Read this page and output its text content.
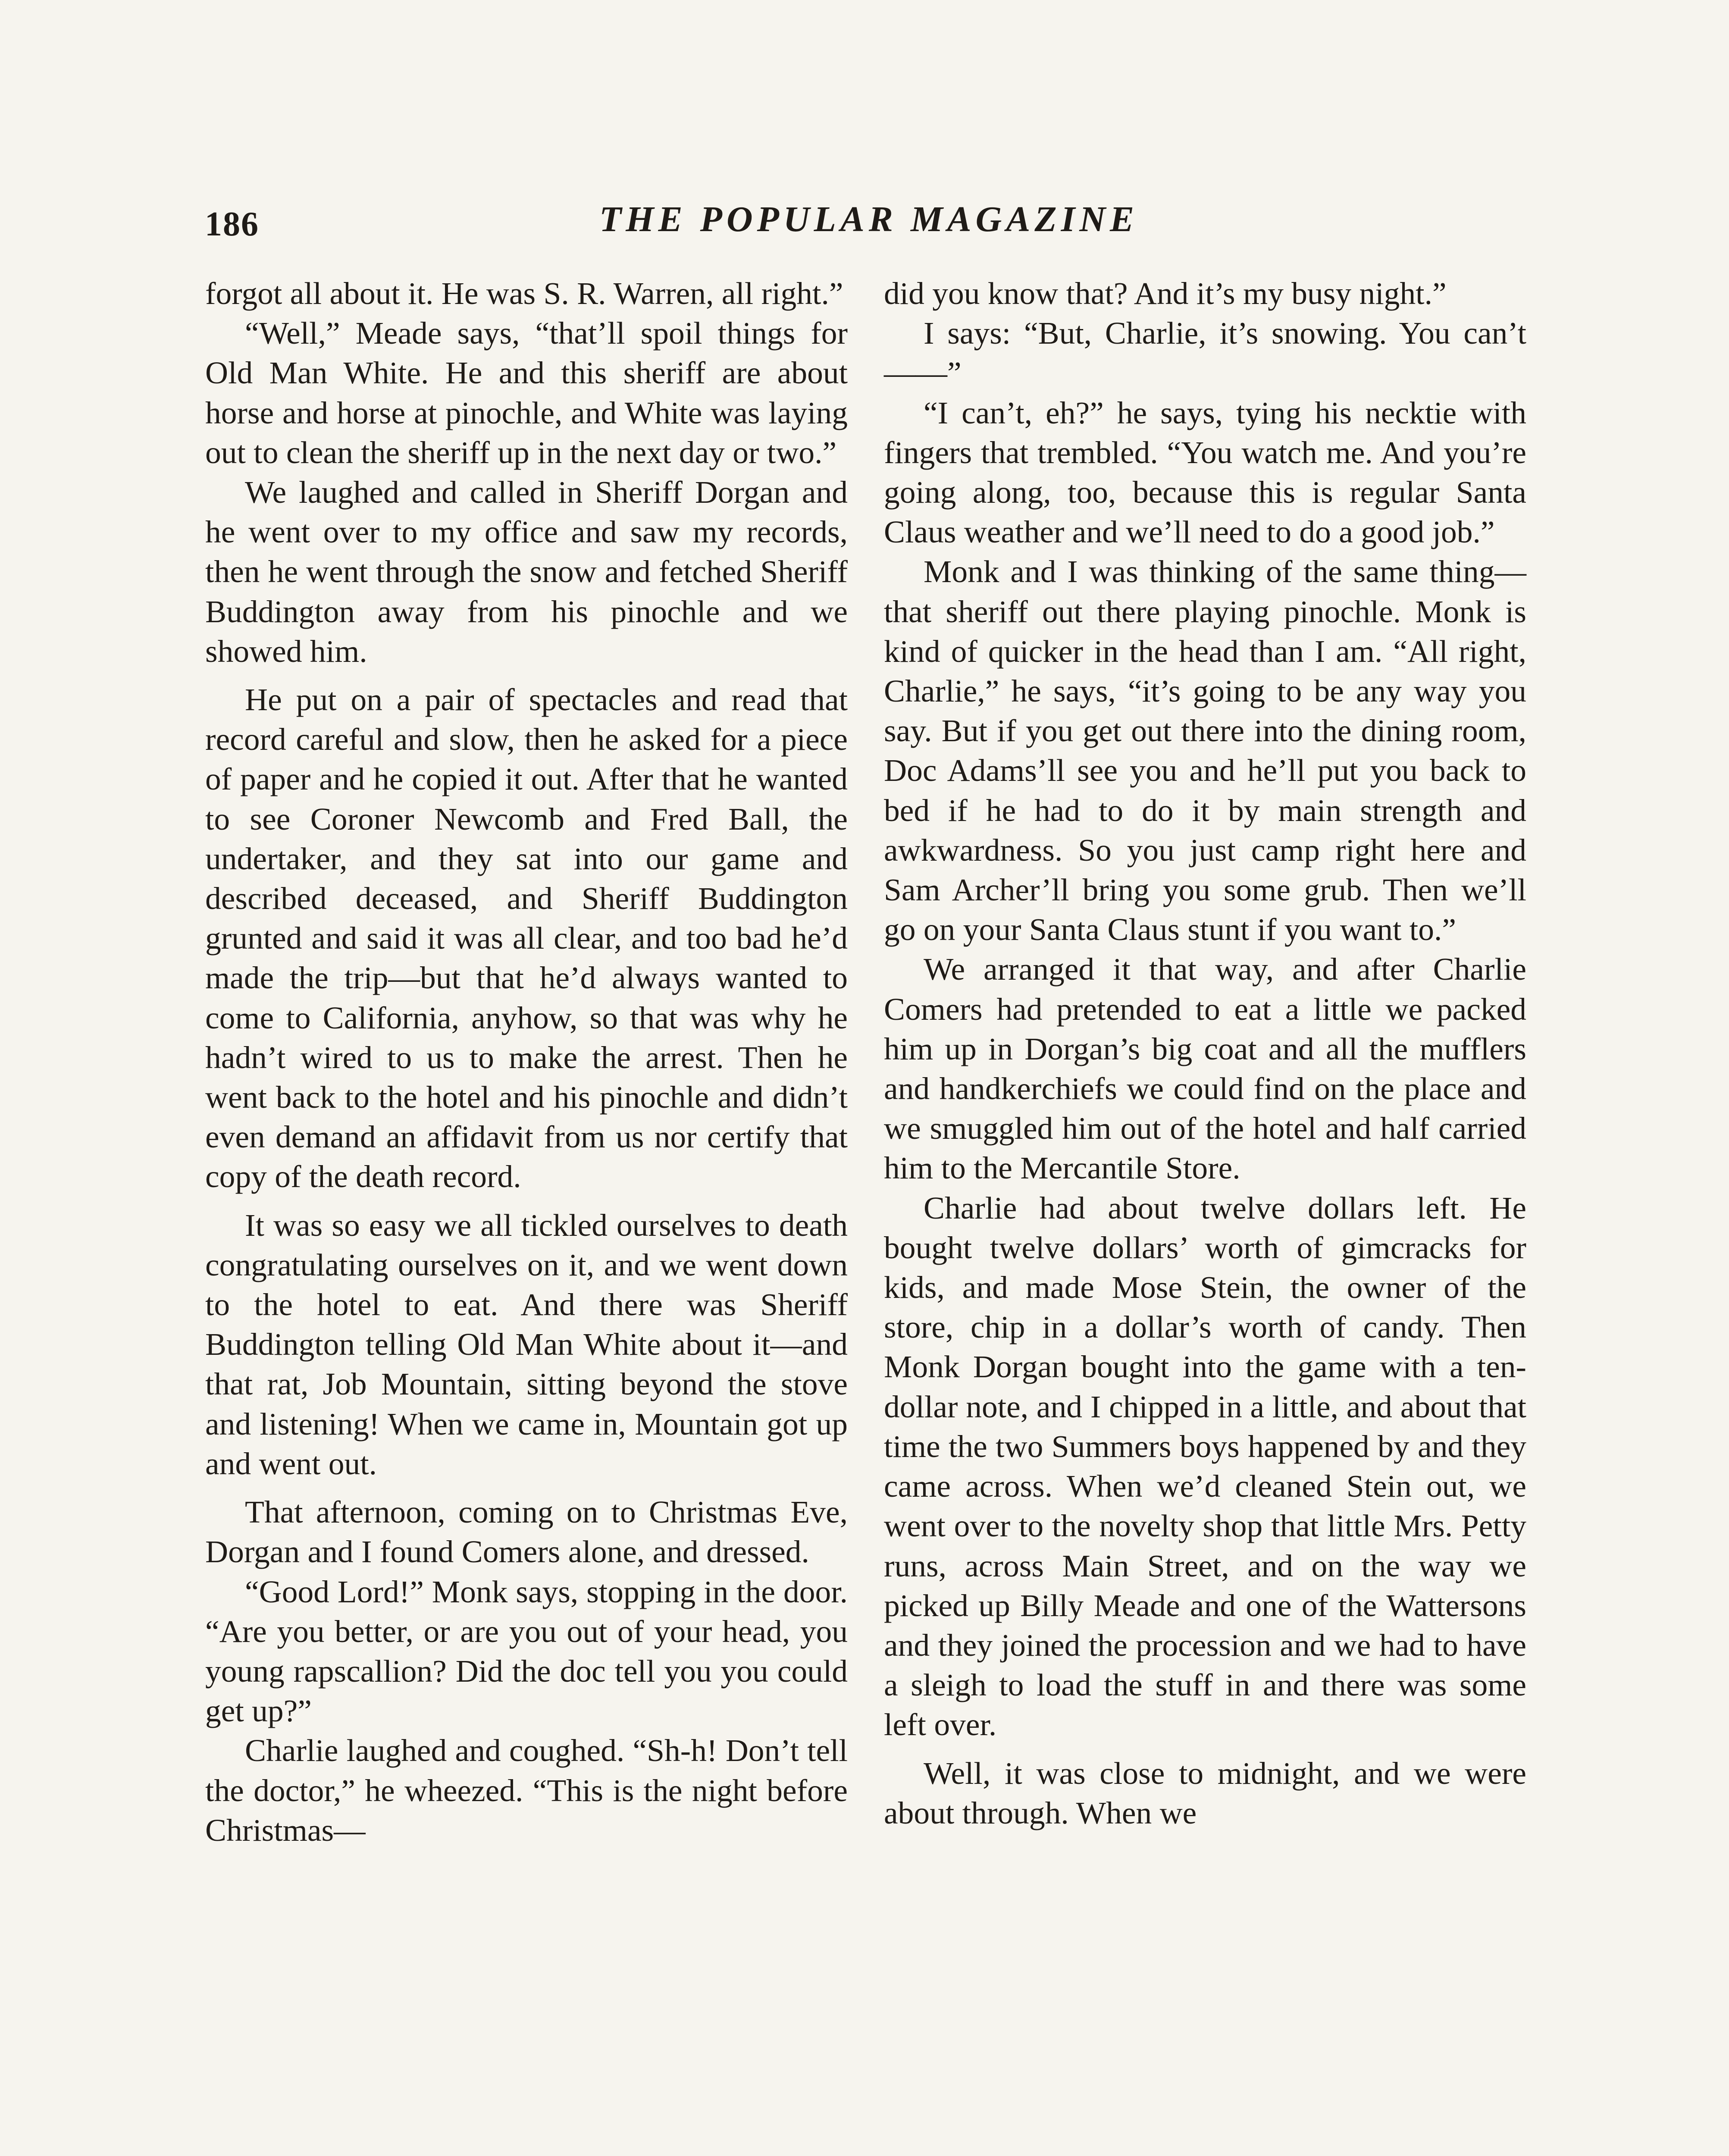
186	THE POPULAR MAGAZINE

forgot all about it. He was S. R. Warren, all right.”

“Well,” Meade says, “that’ll spoil things for Old Man White. He and this sheriff are about horse and horse at pinochle, and White was laying out to clean the sheriff up in the next day or two.”

We laughed and called in Sheriff Dorgan and he went over to my office and saw my records, then he went through the snow and fetched Sheriff Buddington away from his pinochle and we showed him.

He put on a pair of spectacles and read that record careful and slow, then he asked for a piece of paper and he copied it out. After that he wanted to see Coroner Newcomb and Fred Ball, the undertaker, and they sat into our game and described deceased, and Sheriff Buddington grunted and said it was all clear, and too bad he’d made the trip—but that he’d always wanted to come to California, anyhow, so that was why he hadn’t wired to us to make the arrest. Then he went back to the hotel and his pinochle and didn’t even demand an affidavit from us nor certify that copy of the death record.

It was so easy we all tickled ourselves to death congratulating ourselves on it, and we went down to the hotel to eat. And there was Sheriff Buddington telling Old Man White about it—and that rat, Job Mountain, sitting beyond the stove and listening! When we came in, Mountain got up and went out.

That afternoon, coming on to Christmas Eve, Dorgan and I found Comers alone, and dressed.

“Good Lord!” Monk says, stopping in the door. “Are you better, or are you out of your head, you young rapscallion? Did the doc tell you you could get up?”

Charlie laughed and coughed. “Sh-h! Don’t tell the doctor,” he wheezed. “This is the night before Christmas—

did you know that? And it’s my busy night.”

I says: “But, Charlie, it’s snowing. You can’t——”

“I can’t, eh?” he says, tying his necktie with fingers that trembled. “You watch me. And you’re going along, too, because this is regular Santa Claus weather and we’ll need to do a good job.”

Monk and I was thinking of the same thing—that sheriff out there playing pinochle. Monk is kind of quicker in the head than I am. “All right, Charlie,” he says, “it’s going to be any way you say. But if you get out there into the dining room, Doc Adams’ll see you and he’ll put you back to bed if he had to do it by main strength and awkwardness. So you just camp right here and Sam Archer’ll bring you some grub. Then we’ll go on your Santa Claus stunt if you want to.”

We arranged it that way, and after Charlie Comers had pretended to eat a little we packed him up in Dorgan’s big coat and all the mufflers and handkerchiefs we could find on the place and we smuggled him out of the hotel and half carried him to the Mercantile Store.

Charlie had about twelve dollars left. He bought twelve dollars’ worth of gimcracks for kids, and made Mose Stein, the owner of the store, chip in a dollar’s worth of candy. Then Monk Dorgan bought into the game with a ten-dollar note, and I chipped in a little, and about that time the two Summers boys happened by and they came across. When we’d cleaned Stein out, we went over to the novelty shop that little Mrs. Petty runs, across Main Street, and on the way we picked up Billy Meade and one of the Wattersons and they joined the procession and we had to have a sleigh to load the stuff in and there was some left over.

Well, it was close to midnight, and we were about through. When we
